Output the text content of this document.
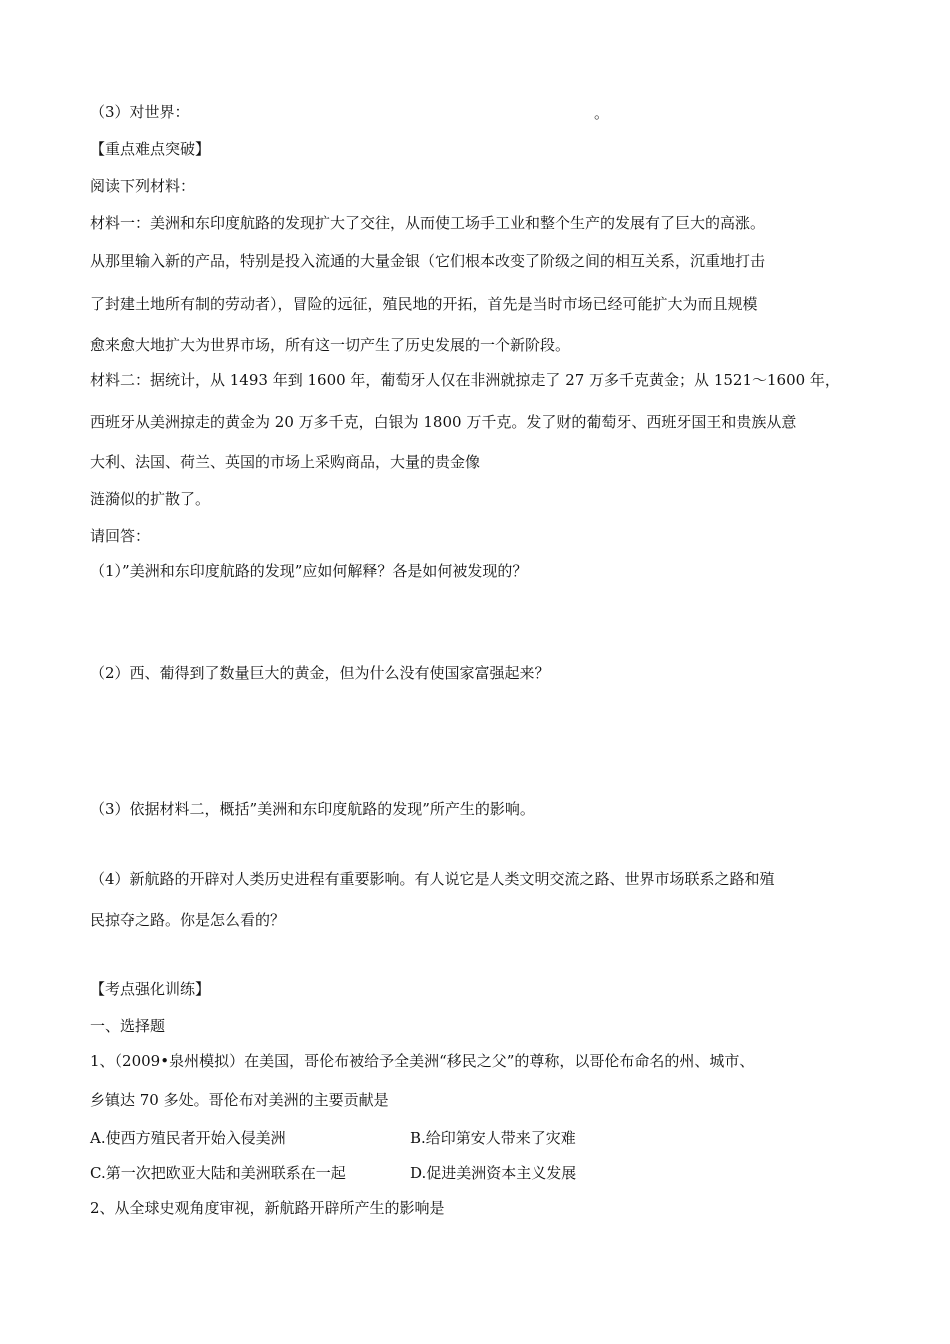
（3）对世界：	。
【重点难点突破】
阅读下列材料：
材料一：美洲和东印度航路的发现扩大了交往，从而使工场手工业和整个生产的发展有了巨大的高涨。
从那里输入新的产品，特别是投入流通的大量金银（它们根本改变了阶级之间的相互关系，沉重地打击
了封建土地所有制的劳动者），冒险的远征，殖民地的开拓，首先是当时市场已经可能扩大为而且规模
愈来愈大地扩大为世界市场，所有这一切产生了历史发展的一个新阶段。
材料二：据统计，从 1493 年到 1600 年，葡萄牙人仅在非洲就掠走了 27 万多千克黄金；从 1521～1600 年，
西班牙从美洲掠走的黄金为 20 万多千克，白银为 1800 万千克。发了财的葡萄牙、西班牙国王和贵族从意
大利、法国、荷兰、英国的市场上采购商品，大量的贵金像
涟漪似的扩散了。
请回答：
（1）”美洲和东印度航路的发现”应如何解释？各是如何被发现的？
（2）西、葡得到了数量巨大的黄金，但为什么没有使国家富强起来？
（3）依据材料二，概括”美洲和东印度航路的发现”所产生的影响。
（4）新航路的开辟对人类历史进程有重要影响。有人说它是人类文明交流之路、世界市场联系之路和殖
民掠夺之路。你是怎么看的？
【考点强化训练】
一、选择题
1、（2009•泉州模拟）在美国，哥伦布被给予全美洲“移民之父”的尊称，以哥伦布命名的州、城市、
乡镇达 70 多处。哥伦布对美洲的主要贡献是
A.使西方殖民者开始入侵美洲	B.给印第安人带来了灾难
C.第一次把欧亚大陆和美洲联系在一起	D.促进美洲资本主义发展
2、从全球史观角度审视，新航路开辟所产生的影响是
